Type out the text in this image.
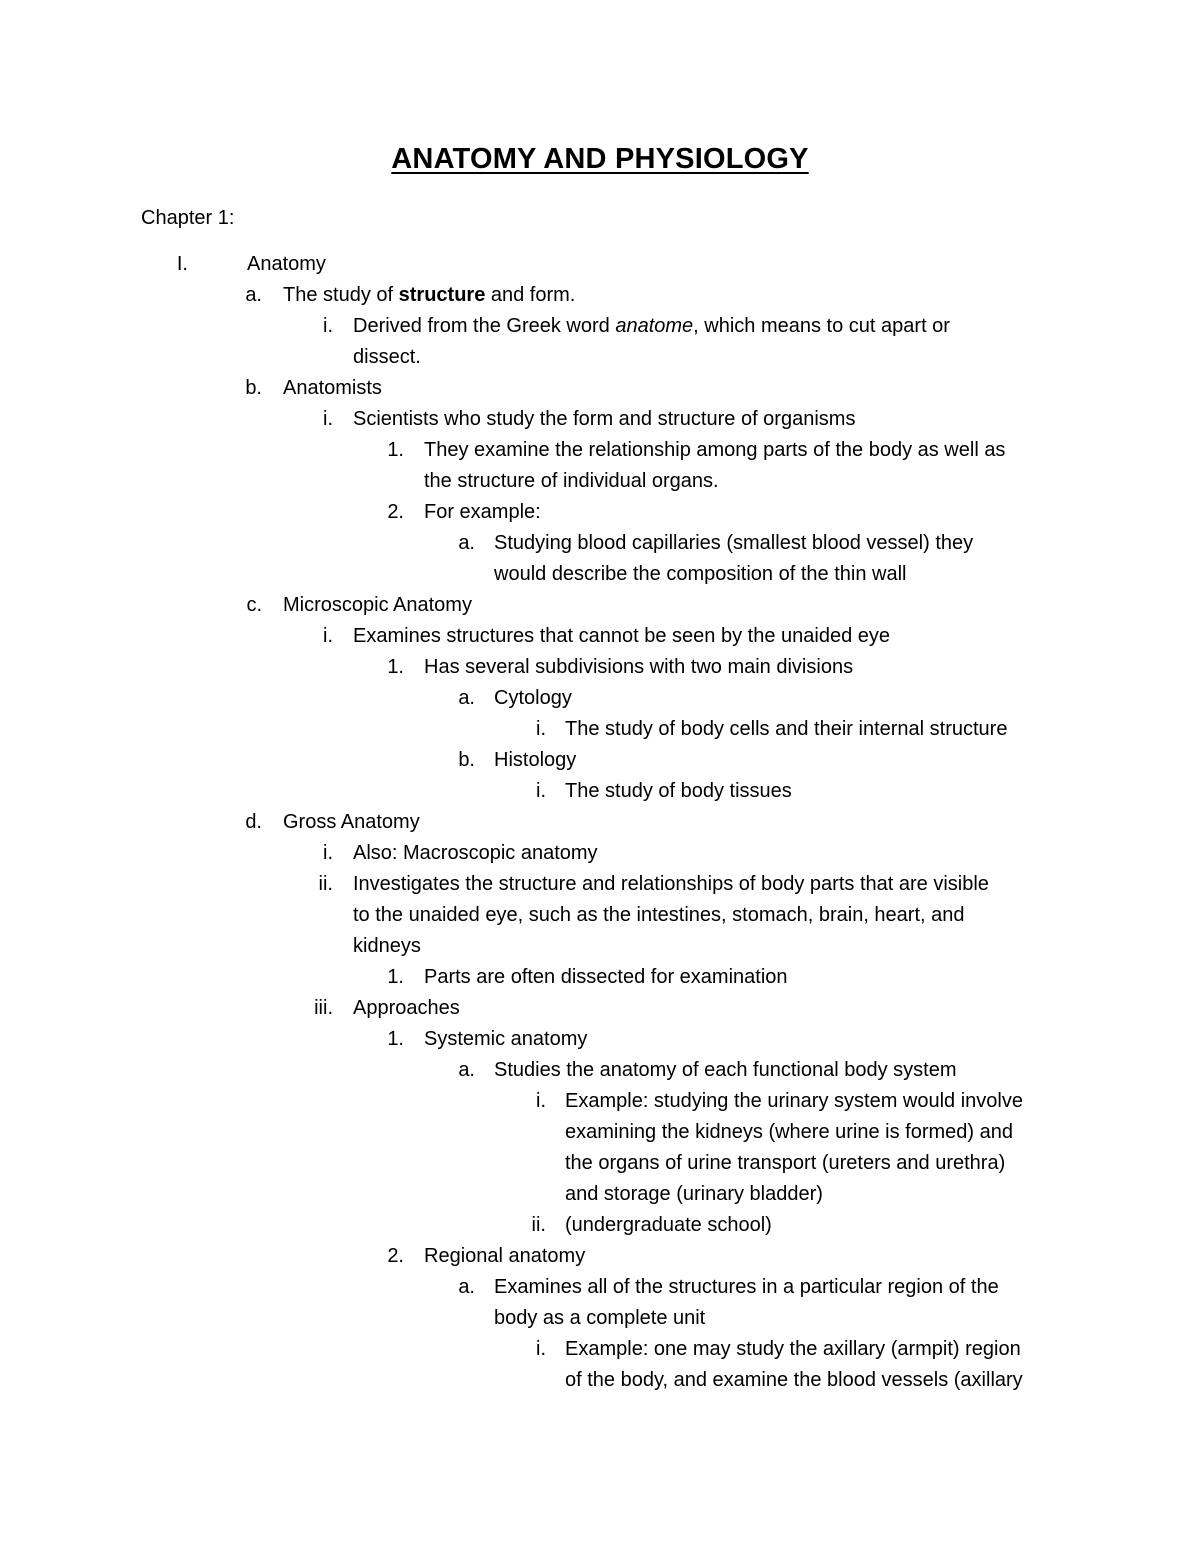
ANATOMY AND PHYSIOLOGY

Chapter 1:

I.	Anatomy
a. The study of structure and form.
i. Derived from the Greek word anatome, which means to cut apart or
dissect.
b. Anatomists
i. Scientists who study the form and structure of organisms
1. They examine the relationship among parts of the body as well as
the structure of individual organs.
2. For example:
a. Studying blood capillaries (smallest blood vessel) they
would describe the composition of the thin wall
c. Microscopic Anatomy
i. Examines structures that cannot be seen by the unaided eye
1. Has several subdivisions with two main divisions
a. Cytology
i. The study of body cells and their internal structure
b. Histology
i. The study of body tissues
d. Gross Anatomy
i. Also: Macroscopic anatomy
ii. Investigates the structure and relationships of body parts that are visible
to the unaided eye, such as the intestines, stomach, brain, heart, and
kidneys
1. Parts are often dissected for examination
iii. Approaches
1. Systemic anatomy
a. Studies the anatomy of each functional body system
i. Example: studying the urinary system would involve
examining the kidneys (where urine is formed) and
the organs of urine transport (ureters and urethra)
and storage (urinary bladder)
ii. (undergraduate school)
2. Regional anatomy
a. Examines all of the structures in a particular region of the
body as a complete unit
i. Example: one may study the axillary (armpit) region
of the body, and examine the blood vessels (axillary
